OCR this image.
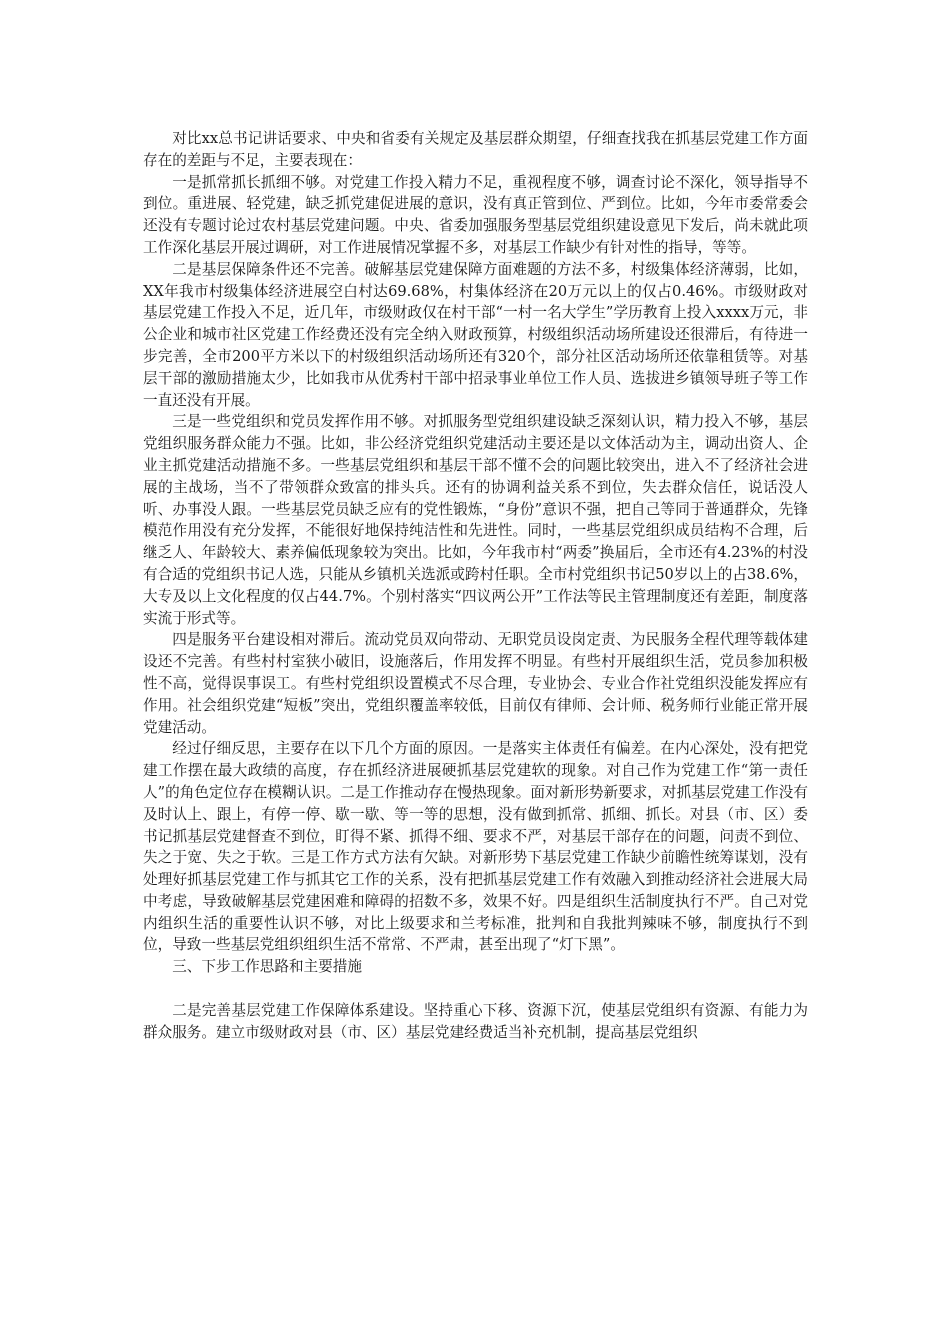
对比xx总书记讲话要求、中央和省委有关规定及基层群众期望，仔细查找我在抓基层党建工作方面存在的差距与不足，主要表现在：

一是抓常抓长抓细不够。对党建工作投入精力不足，重视程度不够，调查讨论不深化，领导指导不到位。重进展、轻党建，缺乏抓党建促进展的意识，没有真正管到位、严到位。比如，今年市委常委会还没有专题讨论过农村基层党建问题。中央、省委加强服务型基层党组织建设意见下发后，尚未就此项工作深化基层开展过调研，对工作进展情况掌握不多，对基层工作缺少有针对性的指导，等等。

二是基层保障条件还不完善。破解基层党建保障方面难题的方法不多，村级集体经济薄弱，比如，XX年我市村级集体经济进展空白村达69.68%，村集体经济在20万元以上的仅占0.46%。市级财政对基层党建工作投入不足，近几年，市级财政仅在村干部“一村一名大学生”学历教育上投入xxxx万元，非公企业和城市社区党建工作经费还没有完全纳入财政预算，村级组织活动场所建设还很滞后，有待进一步完善，全市200平方米以下的村级组织活动场所还有320个，部分社区活动场所还依靠租赁等。对基层干部的激励措施太少，比如我市从优秀村干部中招录事业单位工作人员、选拔进乡镇领导班子等工作一直还没有开展。

三是一些党组织和党员发挥作用不够。对抓服务型党组织建设缺乏深刻认识，精力投入不够，基层党组织服务群众能力不强。比如，非公经济党组织党建活动主要还是以文体活动为主，调动出资人、企业主抓党建活动措施不多。一些基层党组织和基层干部不懂不会的问题比较突出，进入不了经济社会进展的主战场，当不了带领群众致富的排头兵。还有的协调利益关系不到位，失去群众信任，说话没人听、办事没人跟。一些基层党员缺乏应有的党性锻炼，“身份”意识不强，把自己等同于普通群众，先锋模范作用没有充分发挥，不能很好地保持纯洁性和先进性。同时，一些基层党组织成员结构不合理，后继乏人、年龄较大、素养偏低现象较为突出。比如，今年我市村“两委”换届后，全市还有4.23%的村没有合适的党组织书记人选，只能从乡镇机关选派或跨村任职。全市村党组织书记50岁以上的占38.6%，大专及以上文化程度的仅占44.7%。个别村落实“四议两公开”工作法等民主管理制度还有差距，制度落实流于形式等。

四是服务平台建设相对滞后。流动党员双向带动、无职党员设岗定责、为民服务全程代理等载体建设还不完善。有些村村室狭小破旧，设施落后，作用发挥不明显。有些村开展组织生活，党员参加积极性不高，觉得误事误工。有些村党组织设置模式不尽合理，专业协会、专业合作社党组织没能发挥应有作用。社会组织党建“短板”突出，党组织覆盖率较低，目前仅有律师、会计师、税务师行业能正常开展党建活动。

经过仔细反思，主要存在以下几个方面的原因。一是落实主体责任有偏差。在内心深处，没有把党建工作摆在最大政绩的高度，存在抓经济进展硬抓基层党建软的现象。对自己作为党建工作“第一责任人”的角色定位存在模糊认识。二是工作推动存在慢热现象。面对新形势新要求，对抓基层党建工作没有及时认上、跟上，有停一停、歇一歇、等一等的思想，没有做到抓常、抓细、抓长。对县（市、区）委书记抓基层党建督查不到位，盯得不紧、抓得不细、要求不严，对基层干部存在的问题，问责不到位、失之于宽、失之于软。三是工作方式方法有欠缺。对新形势下基层党建工作缺少前瞻性统筹谋划，没有处理好抓基层党建工作与抓其它工作的关系，没有把抓基层党建工作有效融入到推动经济社会进展大局中考虑，导致破解基层党建困难和障碍的招数不多，效果不好。四是组织生活制度执行不严。自己对党内组织生活的重要性认识不够，对比上级要求和兰考标准，批判和自我批判辣味不够，制度执行不到位，导致一些基层党组织组织生活不常常、不严肃，甚至出现了“灯下黑”。

三、下步工作思路和主要措施

二是完善基层党建工作保障体系建设。坚持重心下移、资源下沉，使基层党组织有资源、有能力为群众服务。建立市级财政对县（市、区）基层党建经费适当补充机制，提高基层党组织
